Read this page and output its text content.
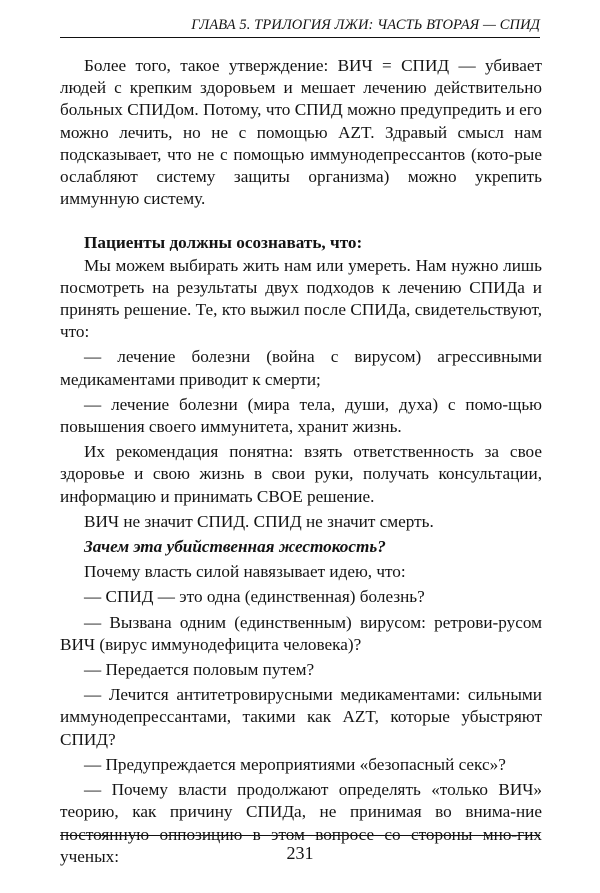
ГЛАВА 5. ТРИЛОГИЯ ЛЖИ: ЧАСТЬ ВТОРАЯ — СПИД

Более того, такое утверждение: ВИЧ = СПИД — убивает людей с крепким здоровьем и мешает лечению действительно больных СПИДом. Потому, что СПИД можно предупредить и его можно лечить, но не с помощью AZT. Здравый смысл нам подсказывает, что не с помощью иммунодепрессантов (кото-рые ослабляют систему защиты организма) можно укрепить иммунную систему.

Пациенты должны осознавать, что:

Мы можем выбирать жить нам или умереть. Нам нужно лишь посмотреть на результаты двух подходов к лечению СПИДа и принять решение. Те, кто выжил после СПИДа, свидетельствуют, что:

— лечение болезни (война с вирусом) агрессивными медикаментами приводит к смерти;

— лечение болезни (мира тела, души, духа) с помо-щью повышения своего иммунитета, хранит жизнь.

Их рекомендация понятна: взять ответственность за свое здоровье и свою жизнь в свои руки, получать консультации, информацию и принимать СВОЕ решение.

ВИЧ не значит СПИД. СПИД не значит смерть.

Зачем эта убийственная жестокость?

Почему власть силой навязывает идею, что:

— СПИД — это одна (единственная) болезнь?

— Вызвана одним (единственным) вирусом: ретрови-русом ВИЧ (вирус иммунодефицита человека)?

— Передается половым путем?

— Лечится антитетровирусными медикаментами: сильными иммунодепрессантами, такими как AZT, которые убыстряют СПИД?

— Предупреждается мероприятиями «безопасный секс»?

— Почему власти продолжают определять «только ВИЧ» теорию, как причину СПИДа, не принимая во внима-ние постоянную оппозицию в этом вопросе со стороны мно-гих ученых:	231
